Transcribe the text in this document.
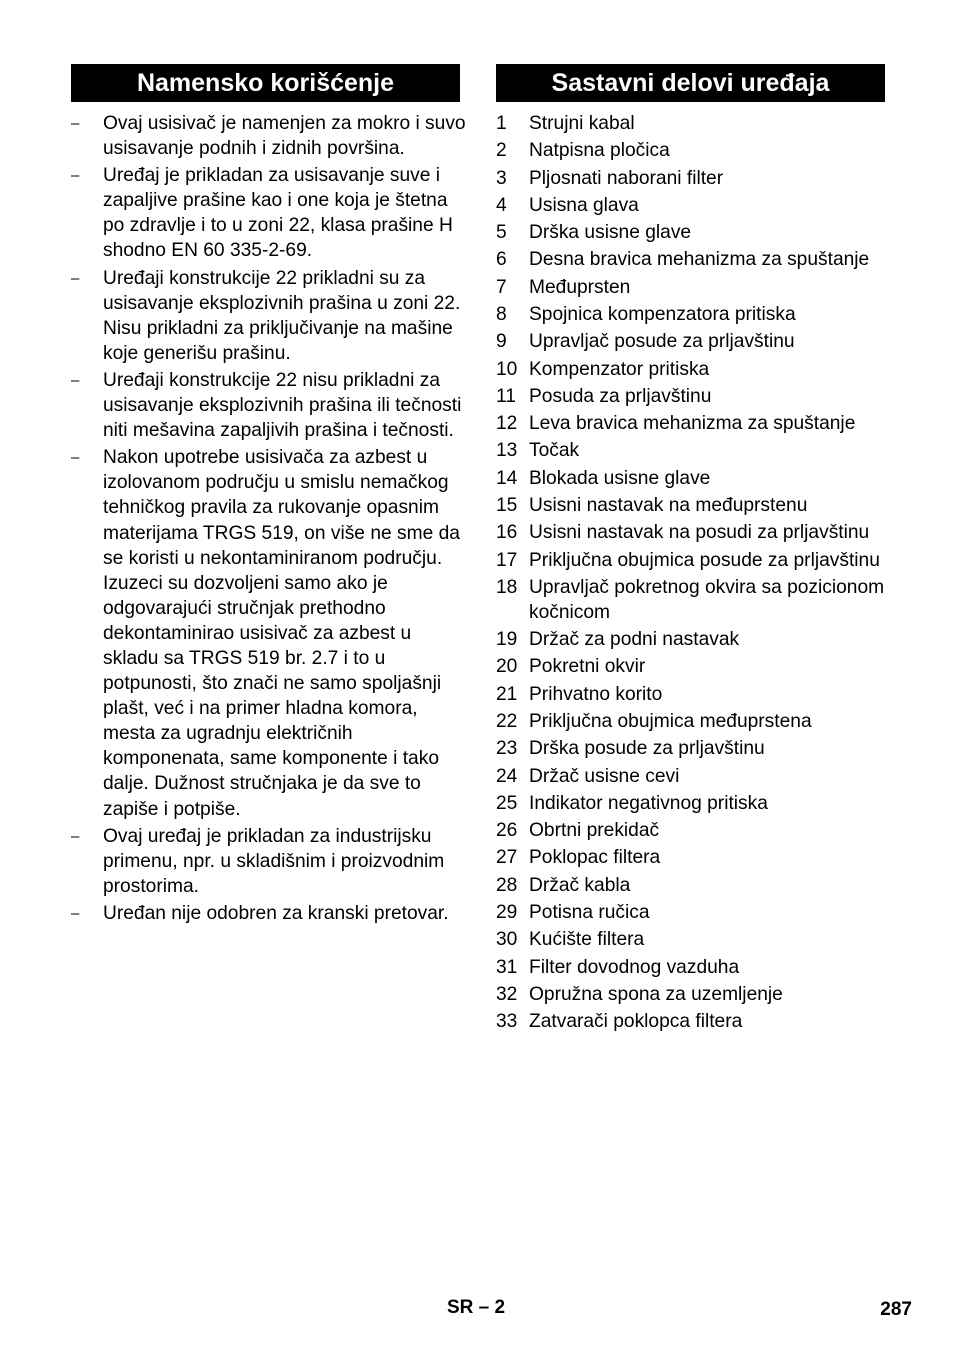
Namensko korišćenje	Sastavni delovi uređaja
– Ovaj usisivač je namenjen za mokro i suvo usisavanje podnih i zidnih površina.
– Uređaj je prikladan za usisavanje suve i zapaljive prašine kao i one koja je štetna po zdravlje i to u zoni 22, klasa prašine H shodno EN 60 335-2-69.
– Uređaji konstrukcije 22 prikladni su za usisavanje eksplozivnih prašina u zoni 22. Nisu prikladni za priključivanje na mašine koje generišu prašinu.
– Uređaji konstrukcije 22 nisu prikladni za usisavanje eksplozivnih prašina ili tečnosti niti mešavina zapaljivih prašina i tečnosti.
– Nakon upotrebe usisivača za azbest u izolovanom području u smislu nemačkog tehničkog pravila za rukovanje opasnim materijama TRGS 519, on više ne sme da se koristi u nekontaminiranom području. Izuzeci su dozvoljeni samo ako je odgovarajući stručnjak prethodno dekontaminirao usisivač za azbest u skladu sa TRGS 519 br. 2.7 i to u potpunosti, što znači ne samo spoljašnji plašt, već i na primer hladna komora, mesta za ugradnju električnih komponenata, same komponente i tako dalje. Dužnost stručnjaka je da sve to zapiše i potpiše.
– Ovaj uređaj je prikladan za industrijsku primenu, npr. u skladišnim i proizvodnim prostorima.
– Uređan nije odobren za kranski pretovar.
1 Strujni kabal
2 Natpisna pločica
3 Pljosnati naborani filter
4 Usisna glava
5 Drška usisne glave
6 Desna bravica mehanizma za spuštanje
7 Međuprsten
8 Spojnica kompenzatora pritiska
9 Upravljač posude za prljavštinu
10 Kompenzator pritiska
11 Posuda za prljavštinu
12 Leva bravica mehanizma za spuštanje
13 Točak
14 Blokada usisne glave
15 Usisni nastavak na međuprstenu
16 Usisni nastavak na posudi za prljavštinu
17 Priključna obujmica posude za prljavštinu
18 Upravljač pokretnog okvira sa pozicionom kočnicom
19 Držač za podni nastavak
20 Pokretni okvir
21 Prihvatno korito
22 Priključna obujmica međuprstena
23 Drška posude za prljavštinu
24 Držač usisne cevi
25 Indikator negativnog pritiska
26 Obrtni prekidač
27 Poklopac filtera
28 Držač kabla
29 Potisna ručica
30 Kućište filtera
31 Filter dovodnog vazduha
32 Opružna spona za uzemljenje
33 Zatvarači poklopca filtera
SR – 2	287
